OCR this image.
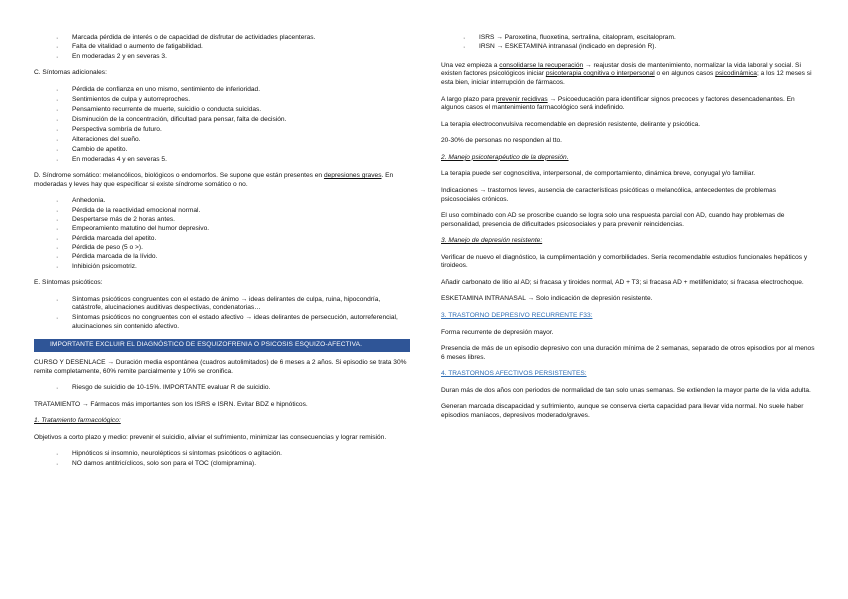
· Marcada pérdida de interés o de capacidad de disfrutar de actividades placenteras.
· Falta de vitalidad o aumento de fatigabilidad.
· En moderadas 2 y en severas 3.

C. Síntomas adicionales:

· Pérdida de confianza en uno mismo, sentimiento de inferioridad.
· Sentimientos de culpa y autorreproches.
· Pensamiento recurrente de muerte, suicidio o conducta suicidas.
· Disminución de la concentración, dificultad para pensar, falta de decisión.
· Perspectiva sombría de futuro.
· Alteraciones del sueño.
· Cambio de apetito.
· En moderadas 4 y en severas 5.

D. Síndrome somático: melancólicos, biológicos o endomorfos. Se supone que están presentes en depresiones graves. En moderadas y leves hay que especificar si existe síndrome somático o no.

· Anhedonia.
· Pérdida de la reactividad emocional normal.
· Despertarse más de 2 horas antes.
· Empeoramiento matutino del humor depresivo.
· Pérdida marcada del apetito.
· Pérdida de peso (5 o >).
· Pérdida marcada de la lívido.
· Inhibición psicomotriz.

E. Síntomas psicóticos:

· Síntomas psicóticos congruentes con el estado de ánimo → ideas delirantes de culpa, ruina, hipocondría, catástrofe, alucinaciones auditivas despectivas, condenatorias…
· Síntomas psicóticos no congruentes con el estado afectivo → ideas delirantes de persecución, autorreferencial, alucinaciones sin contenido afectivo.
IMPORTANTE EXCLUIR EL DIAGNÓSTICO DE ESQUIZOFRENIA O PSICOSIS ESQUIZO-AFECTIVA.

CURSO Y DESENLACE → Duración media espontánea (cuadros autolimitados) de 6 meses a 2 años. Si episodio se trata 30% remite completamente, 60% remite parcialmente y 10% se cronifica.

· Riesgo de suicidio de 10-15%. IMPORTANTE evaluar R de suicidio.

TRATAMIENTO → Fármacos más importantes son los ISRS e ISRN. Evitar BDZ e hipnóticos.

1. Tratamiento farmacológico:

Objetivos a corto plazo y medio: prevenir el suicidio, aliviar el sufrimiento, minimizar las consecuencias y lograr remisión.

· Hipnóticos si insomnio, neurolépticos si síntomas psicóticos o agitación.
· NO damos antitricíclicos, solo son para el TOC (clomipramina).
· ISRS → Paroxetina, fluoxetina, sertralina, citalopram, escitalopram.
· IRSN → ESKETAMINA intranasal (indicado en depresión R).

Una vez empieza a consolidarse la recuperación → reajustar dosis de mantenimiento, normalizar la vida laboral y social. Si existen factores psicológicos iniciar psicoterapia cognitiva o interpersonal o en algunos casos psicodinámica; a los 12 meses si esta bien, iniciar interrupción de fármacos.

A largo plazo para prevenir recidivas → Psicoeducación para identificar signos precoces y factores desencadenantes. En algunos casos el mantenimiento farmacológico será indefinido.

La terapia electroconvulsiva recomendable en depresión resistente, delirante y psicótica.

20-30% de personas no responden al tto.

2. Manejo psicoterapéutico de la depresión.

La terapia puede ser cognoscitiva, interpersonal, de comportamiento, dinámica breve, conyugal y/o familiar.

Indicaciones → trastornos leves, ausencia de características psicóticas o melancólica, antecedentes de problemas psicosociales crónicos.

El uso combinado con AD se proscribe cuando se logra solo una respuesta parcial con AD, cuando hay problemas de personalidad, presencia de dificultades psicosociales y para prevenir reincidencias.

3. Manejo de depresión resistente:

Verificar de nuevo el diagnóstico, la cumplimentación y comorbilidades. Sería recomendable estudios funcionales hepáticos y tiroideos.

Añadir carbonato de litio al AD; si fracasa y tiroides normal, AD + T3; si fracasa AD + metilfenidato; si fracasa electrochoque.

ESKETAMINA INTRANASAL → Solo indicación de depresión resistente.

3. TRASTORNO DEPRESIVO RECURRENTE F33:

Forma recurrente de depresión mayor.

Presencia de más de un episodio depresivo con una duración mínima de 2 semanas, separado de otros episodios por al menos 6 meses libres.

4. TRASTORNOS AFECTIVOS PERSISTENTES:

Duran más de dos años con periodos de normalidad de tan solo unas semanas. Se extienden la mayor parte de la vida adulta.

Generan marcada discapacidad y sufrimiento, aunque se conserva cierta capacidad para llevar vida normal. No suele haber episodios maníacos, depresivos moderado/graves.
